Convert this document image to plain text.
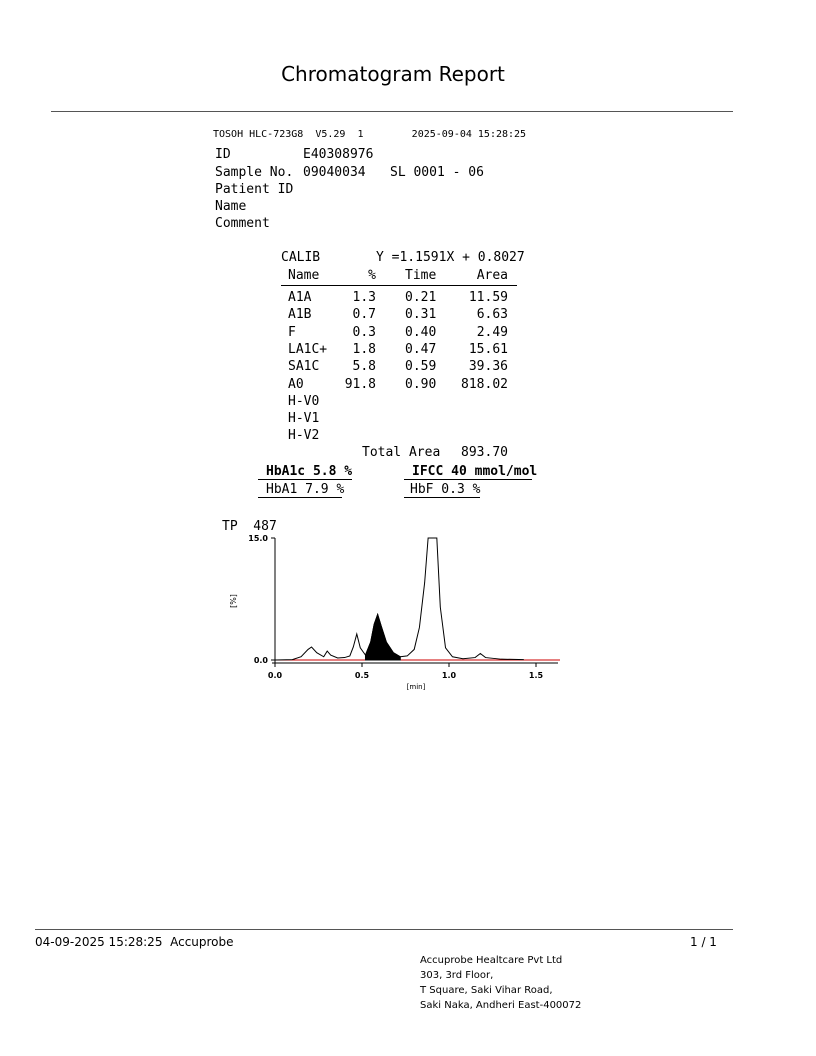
Chromatogram Report
TOSOH HLC-723G8  V5.29  1        2025-09-04 15:28:25
ID	E40308976
Sample No. 09040034 SL 0001 - 06
Patient ID
Name
Comment
CALIB	Y =1.1591X + 0.8027
Name	% Time	Area
A1A	1.3 0.21	11.59
A1B	0.7 0.31	6.63
F	0.3 0.40	2.49
LA1C+	1.8 0.47	15.61
SA1C	5.8 0.59	39.36
A0	91.8 0.90	818.02
H-V0
H-V1
H-V2
Total Area	893.70
HbA1c 5.8 %	IFCC 40 mmol/mol
HbA1 7.9 %	HbF 0.3 %
TP  487
0.0
15.0
0.0	0.5	1.0	1.5
[min]
[%]
04-09-2025 15:28:25 Accuprobe	1 / 1
Accuprobe Healtcare Pvt Ltd
303, 3rd Floor,
T Square, Saki Vihar Road,
Saki Naka, Andheri East-400072
